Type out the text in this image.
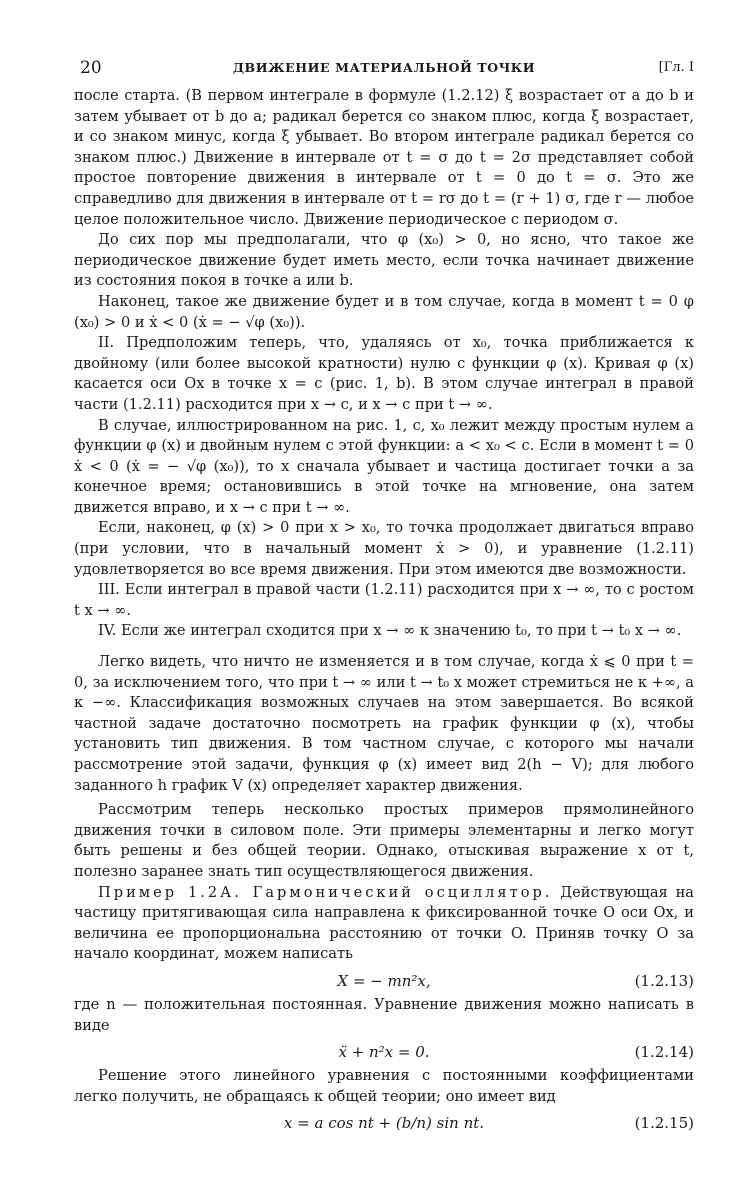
20	ДВИЖЕНИЕ МАТЕРИАЛЬНОЙ ТОЧКИ	[Гл. I

после старта. (В первом интеграле в формуле (1.2.12) ξ возрастает от a до b и затем убывает от b до a; радикал берется со знаком плюс, когда ξ возрастает, и со знаком минус, когда ξ убывает. Во втором интеграле радикал берется со знаком плюс.) Движение в интервале от t = σ до t = 2σ представляет собой простое повторение движения в интервале от t = 0 до t = σ. Это же справедливо для движения в интервале от t = rσ до t = (r + 1) σ, где r — любое целое положительное число. Движение периодическое с периодом σ.

До сих пор мы предполагали, что φ (x₀) > 0, но ясно, что такое же периодическое движение будет иметь место, если точка начинает движение из состояния покоя в точке a или b.

Наконец, такое же движение будет и в том случае, когда в момент t = 0 φ (x₀) > 0 и ẋ < 0 (ẋ = − √φ (x₀)).

II. Предположим теперь, что, удаляясь от x₀, точка приближается к двойному (или более высокой кратности) нулю c функции φ (x). Кривая φ (x) касается оси Ox в точке x = c (рис. 1, b). В этом случае интеграл в правой части (1.2.11) расходится при x → c, и x → c при t → ∞.

В случае, иллюстрированном на рис. 1, c, x₀ лежит между простым нулем a функции φ (x) и двойным нулем c этой функции: a < x₀ < c. Если в момент t = 0 ẋ < 0 (ẋ = − √φ (x₀)), то x сначала убывает и частица достигает точки a за конечное время; остановившись в этой точке на мгновение, она затем движется вправо, и x → c при t → ∞.

Если, наконец, φ (x) > 0 при x > x₀, то точка продолжает двигаться вправо (при условии, что в начальный момент ẋ > 0), и уравнение (1.2.11) удовлетворяется во все время движения. При этом имеются две возможности.

III. Если интеграл в правой части (1.2.11) расходится при x → ∞, то с ростом t x → ∞.

IV. Если же интеграл сходится при x → ∞ к значению t₀, то при t → t₀ x → ∞.

Легко видеть, что ничто не изменяется и в том случае, когда ẋ ⩽ 0 при t = 0, за исключением того, что при t → ∞ или t → t₀ x может стремиться не к +∞, а к −∞. Классификация возможных случаев на этом завершается. Во всякой частной задаче достаточно посмотреть на график функции φ (x), чтобы установить тип движения. В том частном случае, с которого мы начали рассмотрение этой задачи, функция φ (x) имеет вид 2(h − V); для любого заданного h график V (x) определяет характер движения.

Рассмотрим теперь несколько простых примеров прямолинейного движения точки в силовом поле. Эти примеры элементарны и легко могут быть решены и без общей теории. Однако, отыскивая выражение x от t, полезно заранее знать тип осуществляющегося движения.

Пример 1.2А. Гармонический осциллятор. Действующая на частицу притягивающая сила направлена к фиксированной точке O оси Ox, и величина ее пропорциональна расстоянию от точки O. Приняв точку O за начало координат, можем написать

X = − mn²x,	(1.2.13)

где n — положительная постоянная. Уравнение движения можно написать в виде

ẍ + n²x = 0.	(1.2.14)

Решение этого линейного уравнения с постоянными коэффициентами легко получить, не обращаясь к общей теории; оно имеет вид

x = a cos nt + (b/n) sin nt.	(1.2.15)
